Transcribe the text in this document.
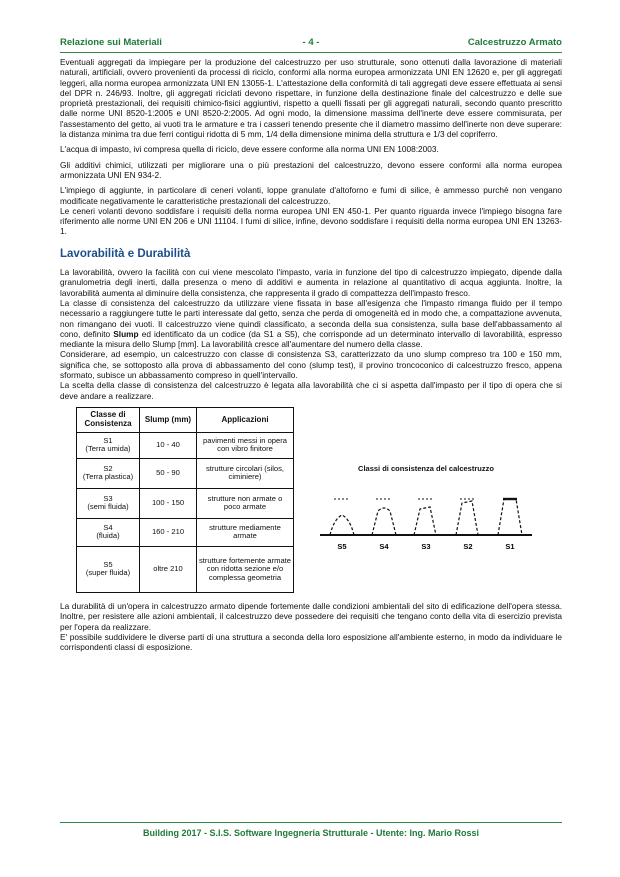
Relazione sui Materiali	- 4 -	Calcestruzzo Armato

Eventuali aggregati da impiegare per la produzione del calcestruzzo per uso strutturale, sono ottenuti dalla lavorazione di materiali naturali, artificiali, ovvero provenienti da processi di riciclo, conformi alla norma europea armonizzata UNI EN 12620 e, per gli aggregati leggeri, alla norma europea armonizzata UNI EN 13055-1. L'attestazione della conformità di tali aggregati deve essere effettuata ai sensi del DPR n. 246/93. Inoltre, gli aggregati riciclati devono rispettare, in funzione della destinazione finale del calcestruzzo e delle sue proprietà prestazionali, dei requisiti chimico-fisici aggiuntivi, rispetto a quelli fissati per gli aggregati naturali, secondo quanto prescritto dalle norme UNI 8520-1:2005 e UNI 8520-2:2005. Ad ogni modo, la dimensione massima dell'inerte deve essere commisurata, per l'assestamento del getto, ai vuoti tra le armature e tra i casseri tenendo presente che il diametro massimo dell'inerte non deve superare: la distanza minima tra due ferri contigui ridotta di 5 mm, 1/4 della dimensione minima della struttura e 1/3 del copriferro.

L'acqua di impasto, ivi compresa quella di riciclo, deve essere conforme alla norma UNI EN 1008:2003.

Gli additivi chimici, utilizzati per migliorare una o più prestazioni del calcestruzzo, devono essere conformi alla norma europea armonizzata UNI EN 934-2.

L'impiego di aggiunte, in particolare di ceneri volanti, loppe granulate d'altoforno e fumi di silice, è ammesso purchè non vengano modificate negativamente le caratteristiche prestazionali del calcestruzzo.

Le ceneri volanti devono soddisfare i requisiti della norma europea UNI EN 450-1. Per quanto riguarda invece l'impiego bisogna fare riferimento alle norme UNI EN 206 e UNI 11104. I fumi di silice, infine, devono soddisfare i requisiti della norma europea UNI EN 13263-1.

Lavorabilità e Durabilità

La lavorabilità, ovvero la facilità con cui viene mescolato l'impasto, varia in funzione del tipo di calcestruzzo impiegato, dipende dalla granulometria degli inerti, dalla presenza o meno di additivi e aumenta in relazione al quantitativo di acqua aggiunta. Inoltre, la lavorabilità aumenta al diminuire della consistenza, che rappresenta il grado di compattezza dell'impasto fresco.

La classe di consistenza del calcestruzzo da utilizzare viene fissata in base all'esigenza che l'impasto rimanga fluido per il tempo necessario a raggiungere tutte le parti interessate dal getto, senza che perda di omogeneità ed in modo che, a compattazione avvenuta, non rimangano dei vuoti. Il calcestruzzo viene quindi classificato, a seconda della sua consistenza, sulla base dell'abbassamento al cono, definito Slump ed identificato da un codice (da S1 a S5), che corrisponde ad un determinato intervallo di lavorabilità, espresso mediante la misura dello Slump [mm]. La lavorabilità cresce all'aumentare del numero della classe.

Considerare, ad esempio, un calcestruzzo con classe di consistenza S3, caratterizzato da uno slump compreso tra 100 e 150 mm, significa che, se sottoposto alla prova di abbassamento del cono (slump test), il provino troncoconico di calcestruzzo fresco, appena sformato, subisce un abbassamento compreso in quell'intervallo.

La scelta della classe di consistenza del calcestruzzo è legata alla lavorabilità che ci si aspetta dall'impasto per il tipo di opera che si deve andare a realizzare.

Classe di Consistenza	Slump (mm)	Applicazioni
S1
(Terra umida)	10 - 40	pavimenti messi in opera con vibro finitore
S2
(Terra plastica)	50 - 90	strutture circolari (silos, ciminiere)
S3
(semi fluida)	100 - 150	strutture non armate o poco armate
S4
(fluida)	160 - 210	strutture mediamente armate
S5
(super fluida)	oltre 210	strutture fortemente armate con ridotta sezione e/o complessa geometria
Classi di consistenza del calcestruzzo
S5	S4	S3	S2	S1

La durabilità di un'opera in calcestruzzo armato dipende fortemente dalle condizioni ambientali del sito di edificazione dell'opera stessa. Inoltre, per resistere alle azioni ambientali, il calcestruzzo deve possedere dei requisiti che tengano conto della vita di esercizio prevista per l'opera da realizzare.

E' possibile suddividere le diverse parti di una struttura a seconda della loro esposizione all'ambiente esterno, in modo da individuare le corrispondenti classi di esposizione.

Building 2017 - S.I.S. Software Ingegneria Strutturale - Utente: Ing. Mario Rossi
